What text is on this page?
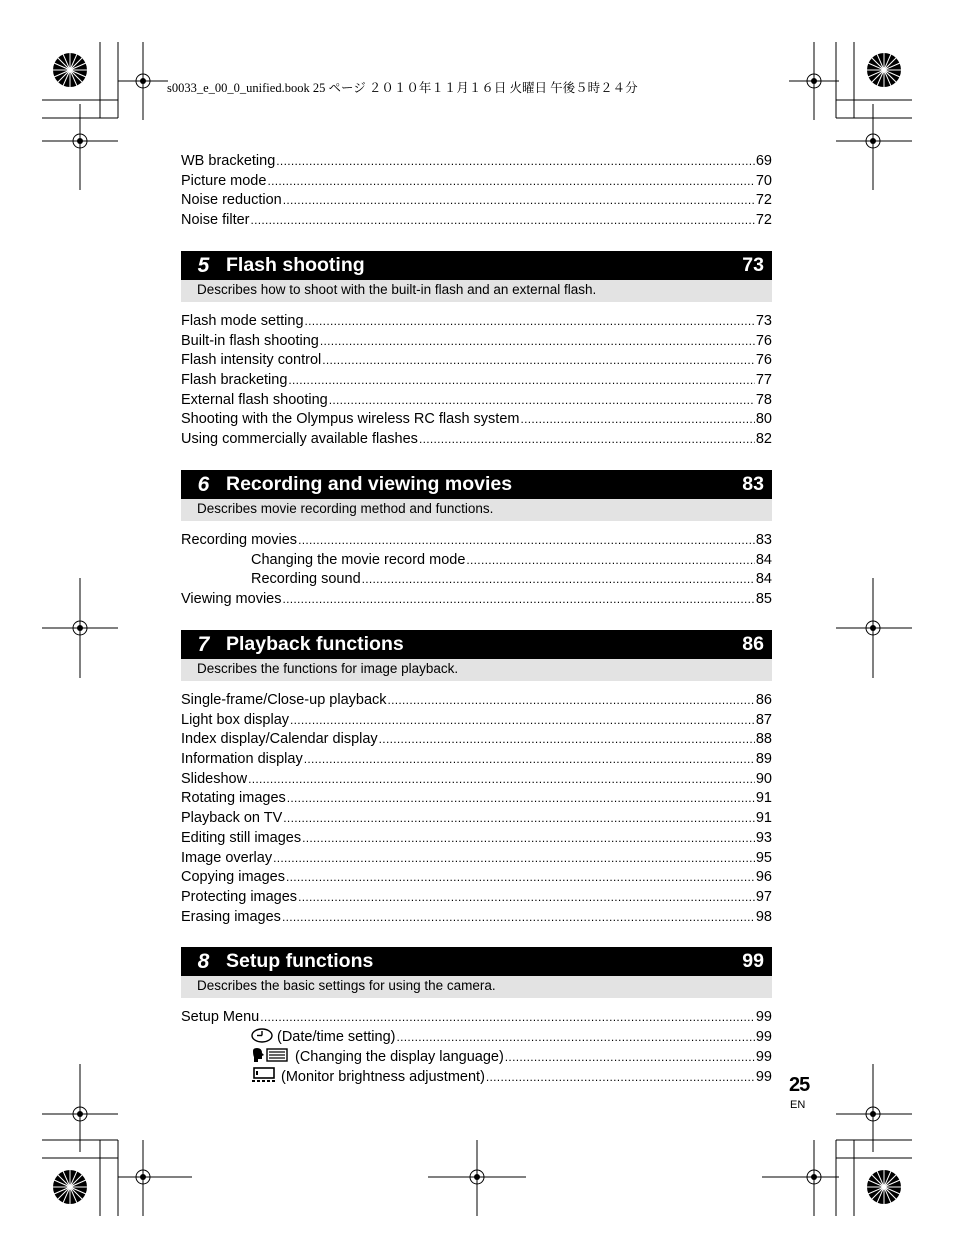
s0033_e_00_0_unified.book 25 ページ ２０１０年１１月１６日 火曜日 午後５時２４分
WB bracketing .....	69
Picture mode .....	70
Noise reduction .....	72
Noise filter .....	72
5 Flash shooting	73
Describes how to shoot with the built-in flash and an external flash.
Flash mode setting .....	73
Built-in flash shooting .....	76
Flash intensity control .....	76
Flash bracketing .....	77
External flash shooting .....	78
Shooting with the Olympus wireless RC flash system .....	80
Using commercially available flashes .....	82
6 Recording and viewing movies	83
Describes movie recording method and functions.
Recording movies .....	83
Changing the movie record mode .....	84
Recording sound .....	84
Viewing movies .....	85
7 Playback functions	86
Describes the functions for image playback.
Single-frame/Close-up playback .....	86
Light box display .....	87
Index display/Calendar display .....	88
Information display .....	89
Slideshow .....	90
Rotating images .....	91
Playback on TV .....	91
Editing still images .....	93
Image overlay .....	95
Copying images .....	96
Protecting images .....	97
Erasing images .....	98
8 Setup functions	99
Describes the basic settings for using the camera.
Setup Menu .....	99
(Date/time setting) .....	99
(Changing the display language) .....	99
(Monitor brightness adjustment) .....	99 25
EN
